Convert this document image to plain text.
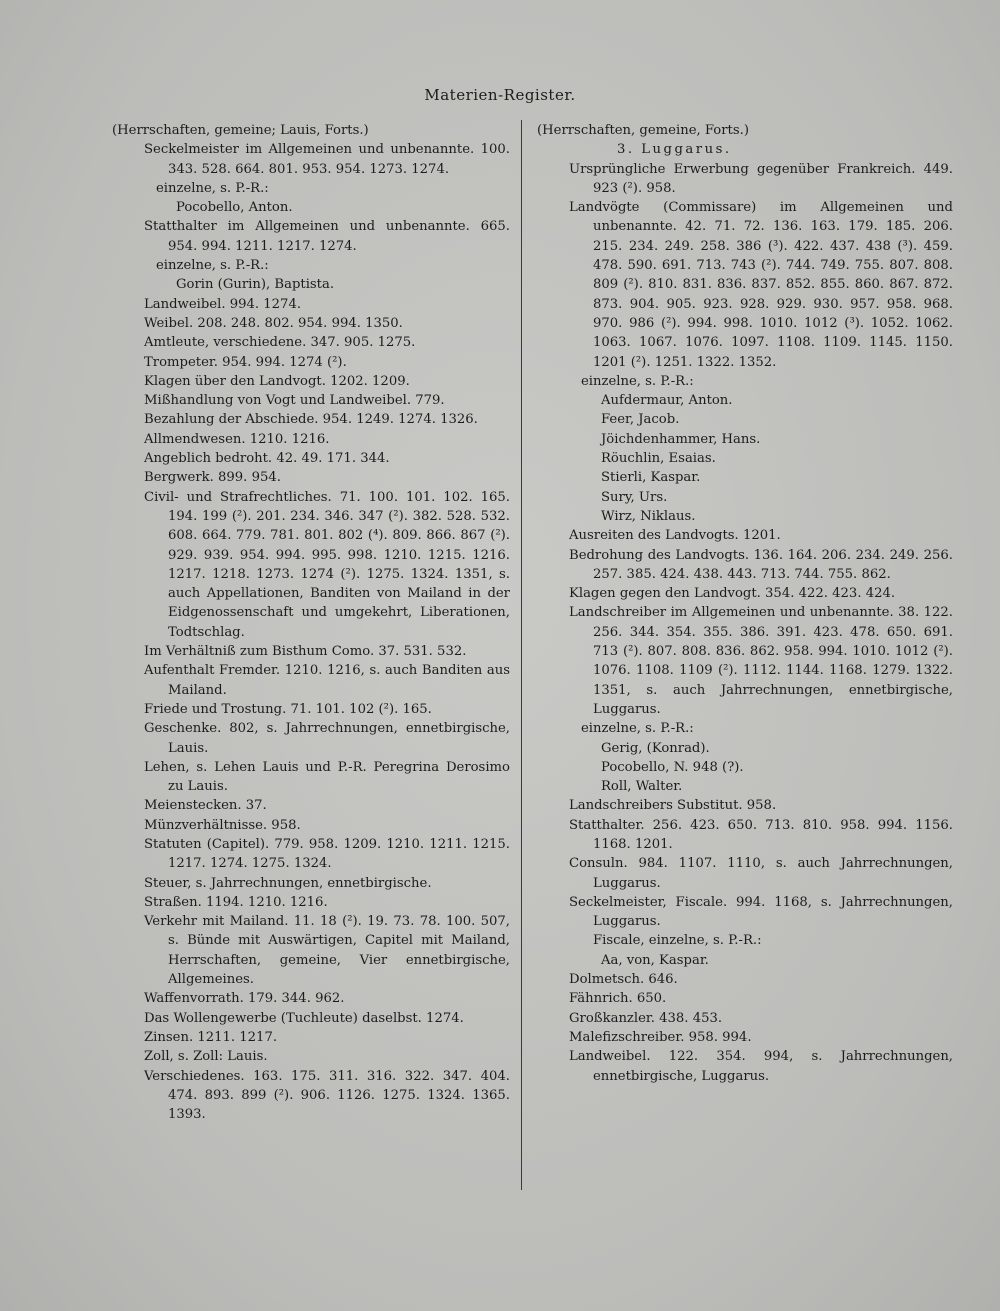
Materien-Register.
(Herrschaften, gemeine; Lauis, Forts.)
Seckelmeister im Allgemeinen und unbenannte. 100. 343. 528. 664. 801. 953. 954. 1273. 1274.
einzelne, s. P.-R.:
Pocobello, Anton.
Statthalter im Allgemeinen und unbenannte. 665. 954. 994. 1211. 1217. 1274.
einzelne, s. P.-R.:
Gorin (Gurin), Baptista.
Landweibel. 994. 1274.
Weibel. 208. 248. 802. 954. 994. 1350.
Amtleute, verschiedene. 347. 905. 1275.
Trompeter. 954. 994. 1274 (²).
Klagen über den Landvogt. 1202. 1209.
Mißhandlung von Vogt und Landweibel. 779.
Bezahlung der Abschiede. 954. 1249. 1274. 1326.
Allmendwesen. 1210. 1216.
Angeblich bedroht. 42. 49. 171. 344.
Bergwerk. 899. 954.
Civil- und Strafrechtliches. 71. 100. 101. 102. 165. 194. 199 (²). 201. 234. 346. 347 (²). 382. 528. 532. 608. 664. 779. 781. 801. 802 (⁴). 809. 866. 867 (²). 929. 939. 954. 994. 995. 998. 1210. 1215. 1216. 1217. 1218. 1273. 1274 (²). 1275. 1324. 1351, s. auch Appellationen, Banditen von Mailand in der Eidgenossenschaft und umgekehrt, Liberationen, Todtschlag.
Im Verhältniß zum Bisthum Como. 37. 531. 532.
Aufenthalt Fremder. 1210. 1216, s. auch Banditen aus Mailand.
Friede und Trostung. 71. 101. 102 (²). 165.
Geschenke. 802, s. Jahrrechnungen, ennetbirgische, Lauis.
Lehen, s. Lehen Lauis und P.-R. Peregrina Derosimo zu Lauis.
Meienstecken. 37.
Münzverhältnisse. 958.
Statuten (Capitel). 779. 958. 1209. 1210. 1211. 1215. 1217. 1274. 1275. 1324.
Steuer, s. Jahrrechnungen, ennetbirgische.
Straßen. 1194. 1210. 1216.
Verkehr mit Mailand. 11. 18 (²). 19. 73. 78. 100. 507, s. Bünde mit Auswärtigen, Capitel mit Mailand, Herrschaften, gemeine, Vier ennetbirgische, Allgemeines.
Waffenvorrath. 179. 344. 962.
Das Wollengewerbe (Tuchleute) daselbst. 1274.
Zinsen. 1211. 1217.
Zoll, s. Zoll: Lauis.
Verschiedenes. 163. 175. 311. 316. 322. 347. 404. 474. 893. 899 (²). 906. 1126. 1275. 1324. 1365. 1393.
(Herrschaften, gemeine, Forts.)
3. Luggarus.
Ursprüngliche Erwerbung gegenüber Frankreich. 449. 923 (²). 958.
Landvögte (Commissare) im Allgemeinen und unbenannte. 42. 71. 72. 136. 163. 179. 185. 206. 215. 234. 249. 258. 386 (³). 422. 437. 438 (³). 459. 478. 590. 691. 713. 743 (²). 744. 749. 755. 807. 808. 809 (²). 810. 831. 836. 837. 852. 855. 860. 867. 872. 873. 904. 905. 923. 928. 929. 930. 957. 958. 968. 970. 986 (²). 994. 998. 1010. 1012 (³). 1052. 1062. 1063. 1067. 1076. 1097. 1108. 1109. 1145. 1150. 1201 (²). 1251. 1322. 1352.
einzelne, s. P.-R.:
Aufdermaur, Anton.
Feer, Jacob.
Jöichdenhammer, Hans.
Röuchlin, Esaias.
Stierli, Kaspar.
Sury, Urs.
Wirz, Niklaus.
Ausreiten des Landvogts. 1201.
Bedrohung des Landvogts. 136. 164. 206. 234. 249. 256. 257. 385. 424. 438. 443. 713. 744. 755. 862.
Klagen gegen den Landvogt. 354. 422. 423. 424.
Landschreiber im Allgemeinen und unbenannte. 38. 122. 256. 344. 354. 355. 386. 391. 423. 478. 650. 691. 713 (²). 807. 808. 836. 862. 958. 994. 1010. 1012 (²). 1076. 1108. 1109 (²). 1112. 1144. 1168. 1279. 1322. 1351, s. auch Jahrrechnungen, ennetbirgische, Luggarus.
einzelne, s. P.-R.:
Gerig, (Konrad).
Pocobello, N. 948 (?).
Roll, Walter.
Landschreibers Substitut. 958.
Statthalter. 256. 423. 650. 713. 810. 958. 994. 1156. 1168. 1201.
Consuln. 984. 1107. 1110, s. auch Jahrrechnungen, Luggarus.
Seckelmeister, Fiscale. 994. 1168, s. Jahrrechnungen, Luggarus.
Fiscale, einzelne, s. P.-R.:
Aa, von, Kaspar.
Dolmetsch. 646.
Fähnrich. 650.
Großkanzler. 438. 453.
Malefizschreiber. 958. 994.
Landweibel. 122. 354. 994, s. Jahrrechnungen, ennetbirgische, Luggarus.
